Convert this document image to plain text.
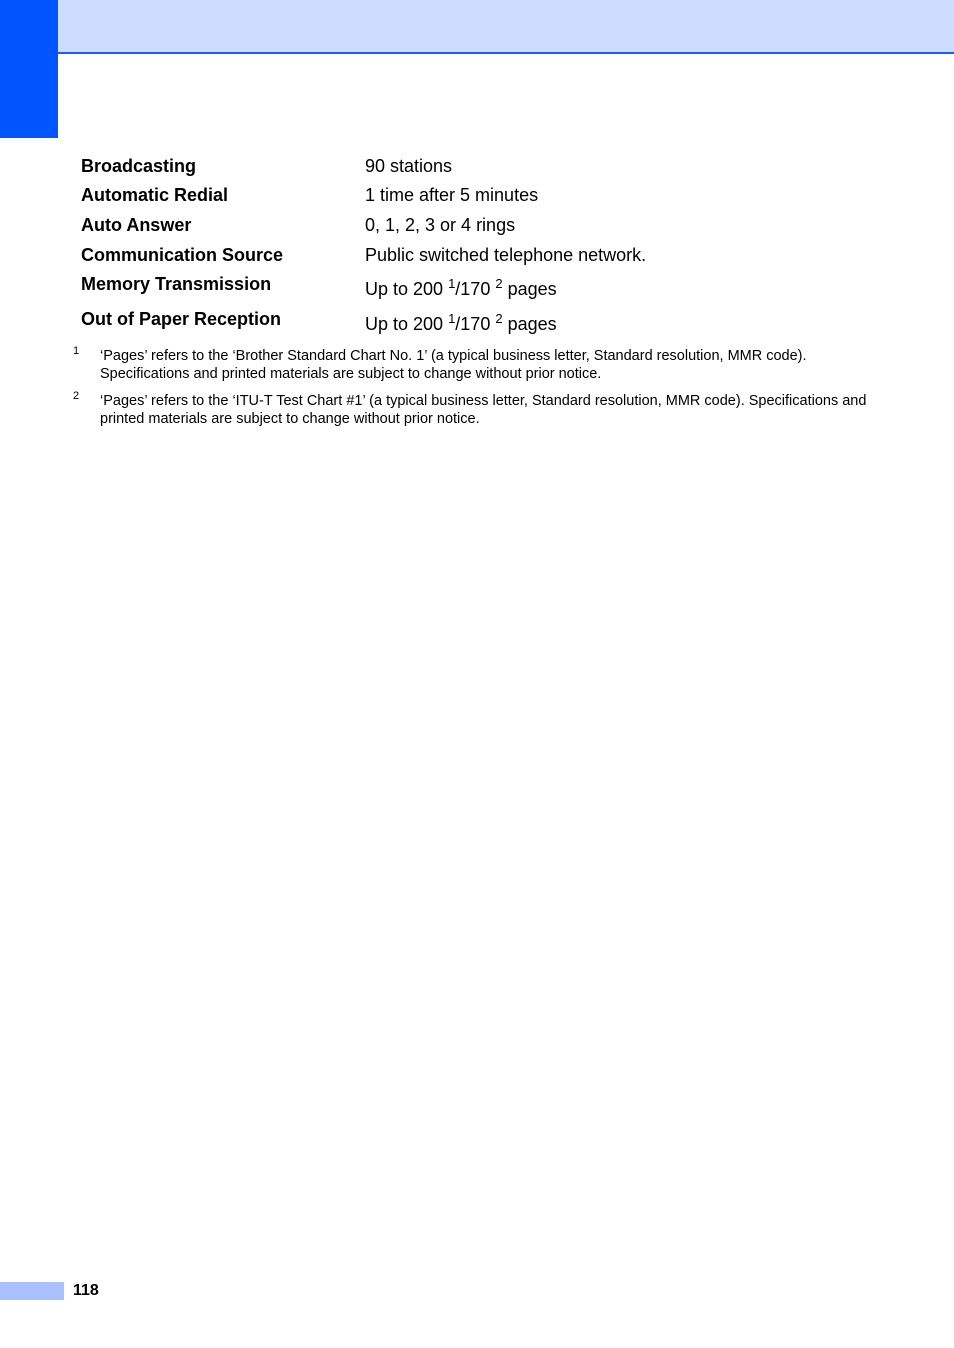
Broadcasting	90 stations
Automatic Redial	1 time after 5 minutes
Auto Answer	0, 1, 2, 3 or 4 rings
Communication Source	Public switched telephone network.
Memory Transmission	Up to 200 $^1$/170 $^2$ pages
Out of Paper Reception	Up to 200 $^1$/170 $^2$ pages
1 ‘Pages’ refers to the ‘Brother Standard Chart No. 1’ (a typical business letter, Standard resolution, MMR code). Specifications and printed materials are subject to change without prior notice.
2 ‘Pages’ refers to the ‘ITU-T Test Chart #1’ (a typical business letter, Standard resolution, MMR code). Specifications and printed materials are subject to change without prior notice.
118
